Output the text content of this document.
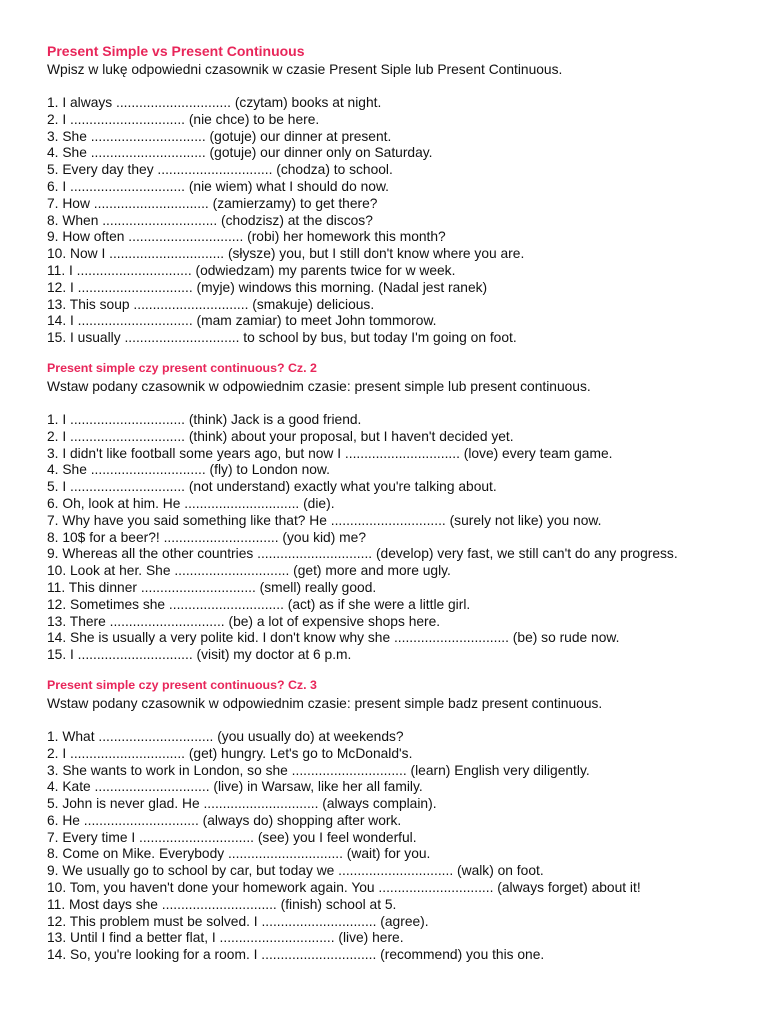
Present Simple vs Present Continuous
Wpisz w lukę odpowiedni czasownik w czasie Present Siple lub Present Continuous.
1. I always .............................. (czytam) books at night.
2. I .............................. (nie chce) to be here.
3. She .............................. (gotuje) our dinner at present.
4. She .............................. (gotuje) our dinner only on Saturday.
5. Every day they .............................. (chodza) to school.
6. I .............................. (nie wiem) what I should do now.
7. How .............................. (zamierzamy) to get there?
8. When .............................. (chodzisz) at the discos?
9. How often .............................. (robi) her homework this month?
10. Now I .............................. (słysze) you, but I still don't know where you are.
11. I .............................. (odwiedzam) my parents twice for w week.
12. I .............................. (myje) windows this morning. (Nadal jest ranek)
13. This soup .............................. (smakuje) delicious.
14. I .............................. (mam zamiar) to meet John tommorow.
15. I usually .............................. to school by bus, but today I'm going on foot.
Present simple czy present continuous? Cz. 2
Wstaw podany czasownik w odpowiednim czasie: present simple lub present continuous.
1. I .............................. (think) Jack is a good friend.
2. I .............................. (think) about your proposal, but I haven't decided yet.
3. I didn't like football some years ago, but now I .............................. (love) every team game.
4. She .............................. (fly) to London now.
5. I .............................. (not understand) exactly what you're talking about.
6. Oh, look at him. He .............................. (die).
7. Why have you said something like that? He .............................. (surely not like) you now.
8. 10$ for a beer?! .............................. (you kid) me?
9. Whereas all the other countries .............................. (develop) very fast, we still can't do any progress.
10. Look at her. She .............................. (get) more and more ugly.
11. This dinner .............................. (smell) really good.
12. Sometimes she .............................. (act) as if she were a little girl.
13. There .............................. (be) a lot of expensive shops here.
14. She is usually a very polite kid. I don't know why she .............................. (be) so rude now.
15. I .............................. (visit) my doctor at 6 p.m.
Present simple czy present continuous? Cz. 3
Wstaw podany czasownik w odpowiednim czasie: present simple badz present continuous.
1. What .............................. (you usually do) at weekends?
2. I .............................. (get) hungry. Let's go to McDonald's.
3. She wants to work in London, so she .............................. (learn) English very diligently.
4. Kate .............................. (live) in Warsaw, like her all family.
5. John is never glad. He .............................. (always complain).
6. He .............................. (always do) shopping after work.
7. Every time I .............................. (see) you I feel wonderful.
8. Come on Mike. Everybody .............................. (wait) for you.
9. We usually go to school by car, but today we .............................. (walk) on foot.
10. Tom, you haven't done your homework again. You .............................. (always forget) about it!
11. Most days she .............................. (finish) school at 5.
12. This problem must be solved. I .............................. (agree).
13. Until I find a better flat, I .............................. (live) here.
14. So, you're looking for a room. I .............................. (recommend) you this one.
